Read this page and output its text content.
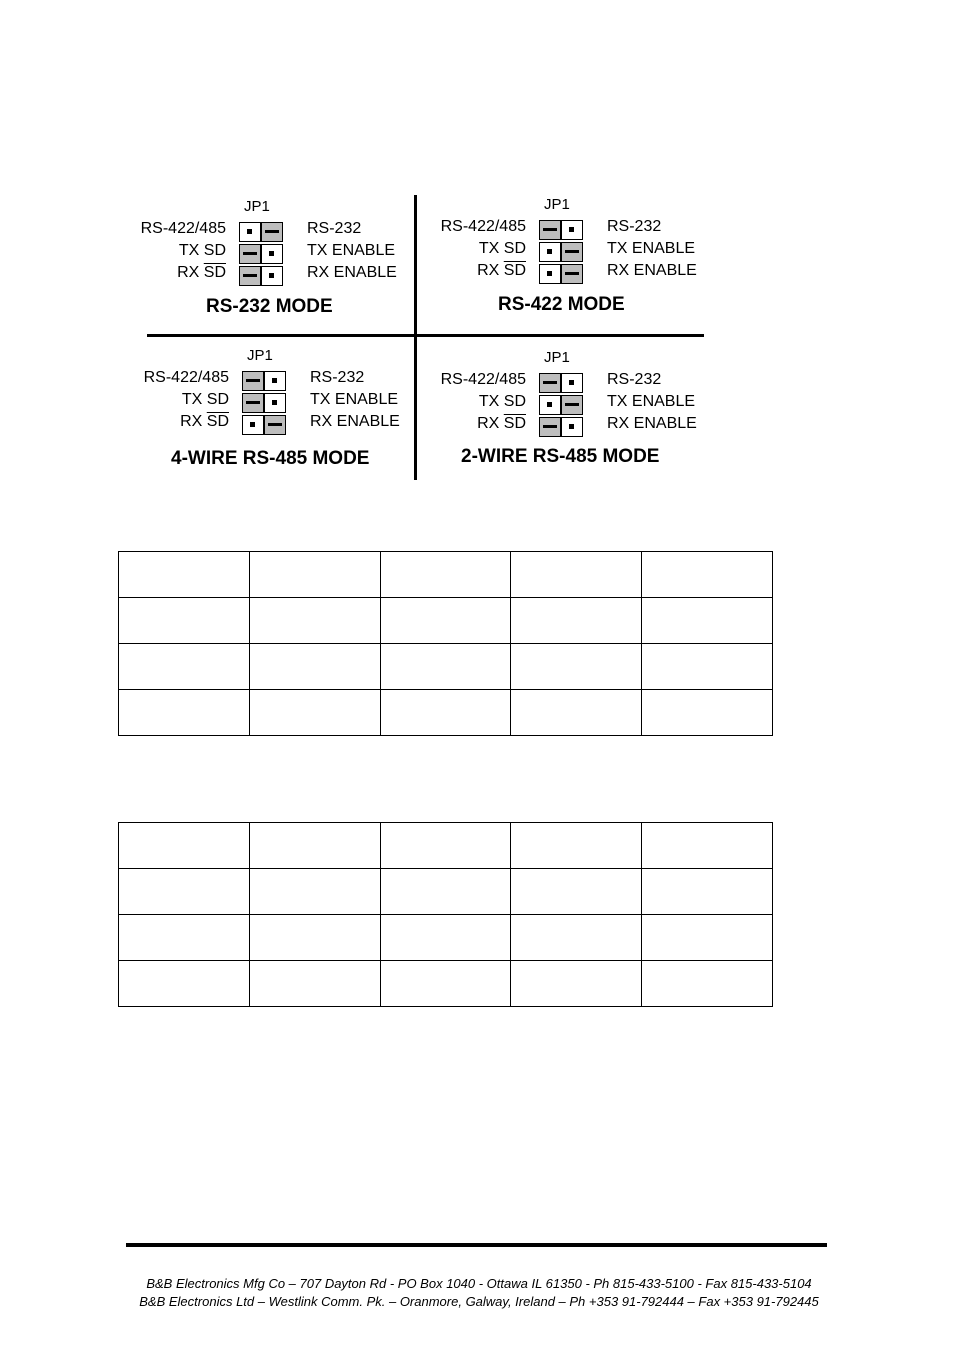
JP1
RS-422/485
TX SD
RX $\overline{SD}$
RS-232
TX ENABLE
RX ENABLE
RS-232 MODE
JP1
RS-422/485
TX SD
RX $\overline{SD}$
RS-232
TX ENABLE
RX ENABLE
RS-422 MODE
JP1
RS-422/485
TX SD
RX $\overline{SD}$
RS-232
TX ENABLE
RX ENABLE
4-WIRE RS-485 MODE
JP1
RS-422/485
TX SD
RX $\overline{SD}$
RS-232
TX ENABLE
RX ENABLE
2-WIRE RS-485 MODE

B&B Electronics Mfg Co – 707 Dayton Rd - PO Box 1040 - Ottawa IL 61350 - Ph 815-433-5100 - Fax 815-433-5104
B&B Electronics Ltd – Westlink Comm. Pk. – Oranmore, Galway, Ireland – Ph +353 91-792444 – Fax +353 91-792445
